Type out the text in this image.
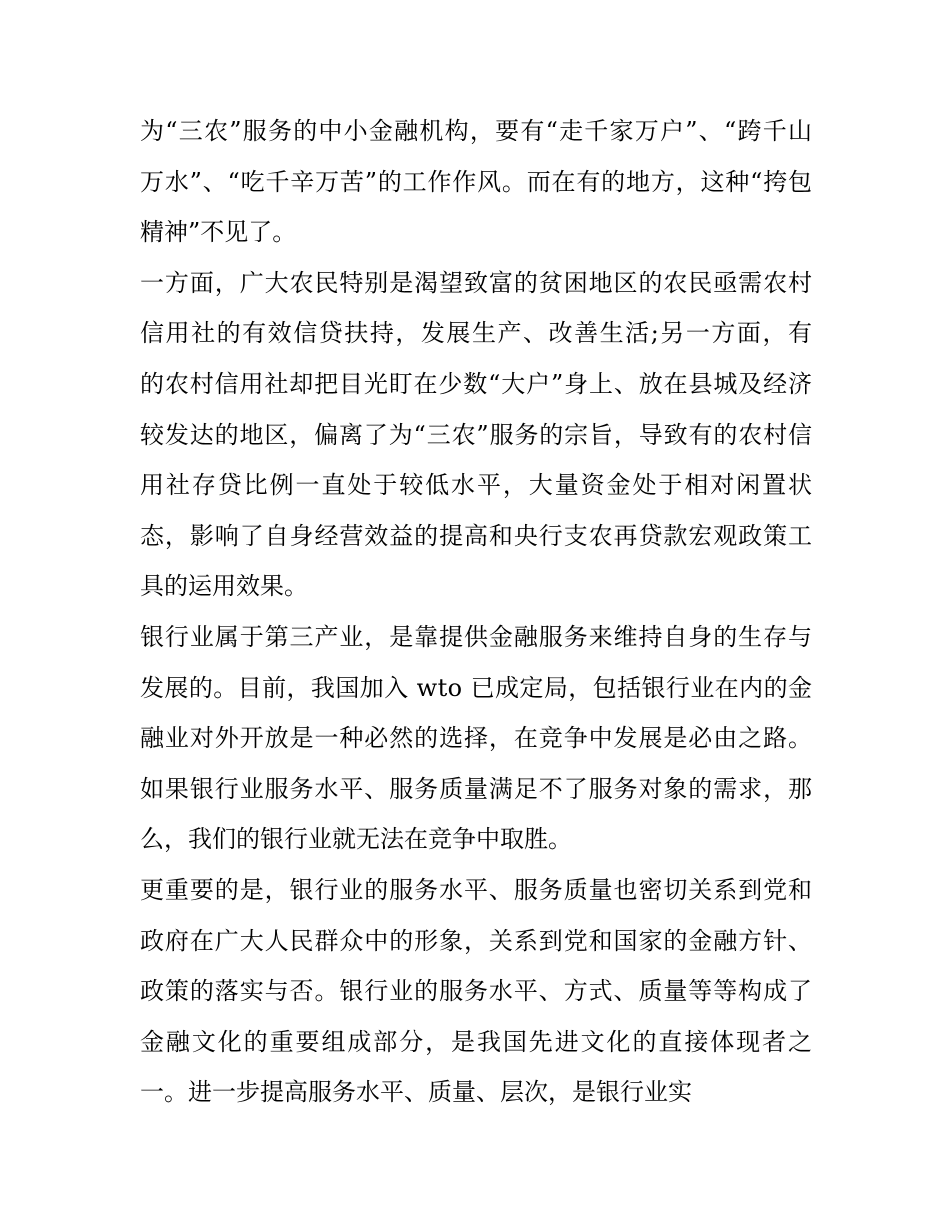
为“三农”服务的中小金融机构，要有“走千家万户”、“跨千山
万水”、“吃千辛万苦”的工作作风。而在有的地方，这种“挎包
精神”不见了。
一方面，广大农民特别是渴望致富的贫困地区的农民亟需农村
信用社的有效信贷扶持，发展生产、改善生活;另一方面，有
的农村信用社却把目光盯在少数“大户”身上、放在县城及经济
较发达的地区，偏离了为“三农”服务的宗旨，导致有的农村信
用社存贷比例一直处于较低水平，大量资金处于相对闲置状
态，影响了自身经营效益的提高和央行支农再贷款宏观政策工
具的运用效果。
银行业属于第三产业，是靠提供金融服务来维持自身的生存与
发展的。目前，我国加入 wto 已成定局，包括银行业在内的金
融业对外开放是一种必然的选择，在竞争中发展是必由之路。
如果银行业服务水平、服务质量满足不了服务对象的需求，那
么，我们的银行业就无法在竞争中取胜。
更重要的是，银行业的服务水平、服务质量也密切关系到党和
政府在广大人民群众中的形象，关系到党和国家的金融方针、
政策的落实与否。银行业的服务水平、方式、质量等等构成了
金融文化的重要组成部分，是我国先进文化的直接体现者之
一。进一步提高服务水平、质量、层次，是银行业实
